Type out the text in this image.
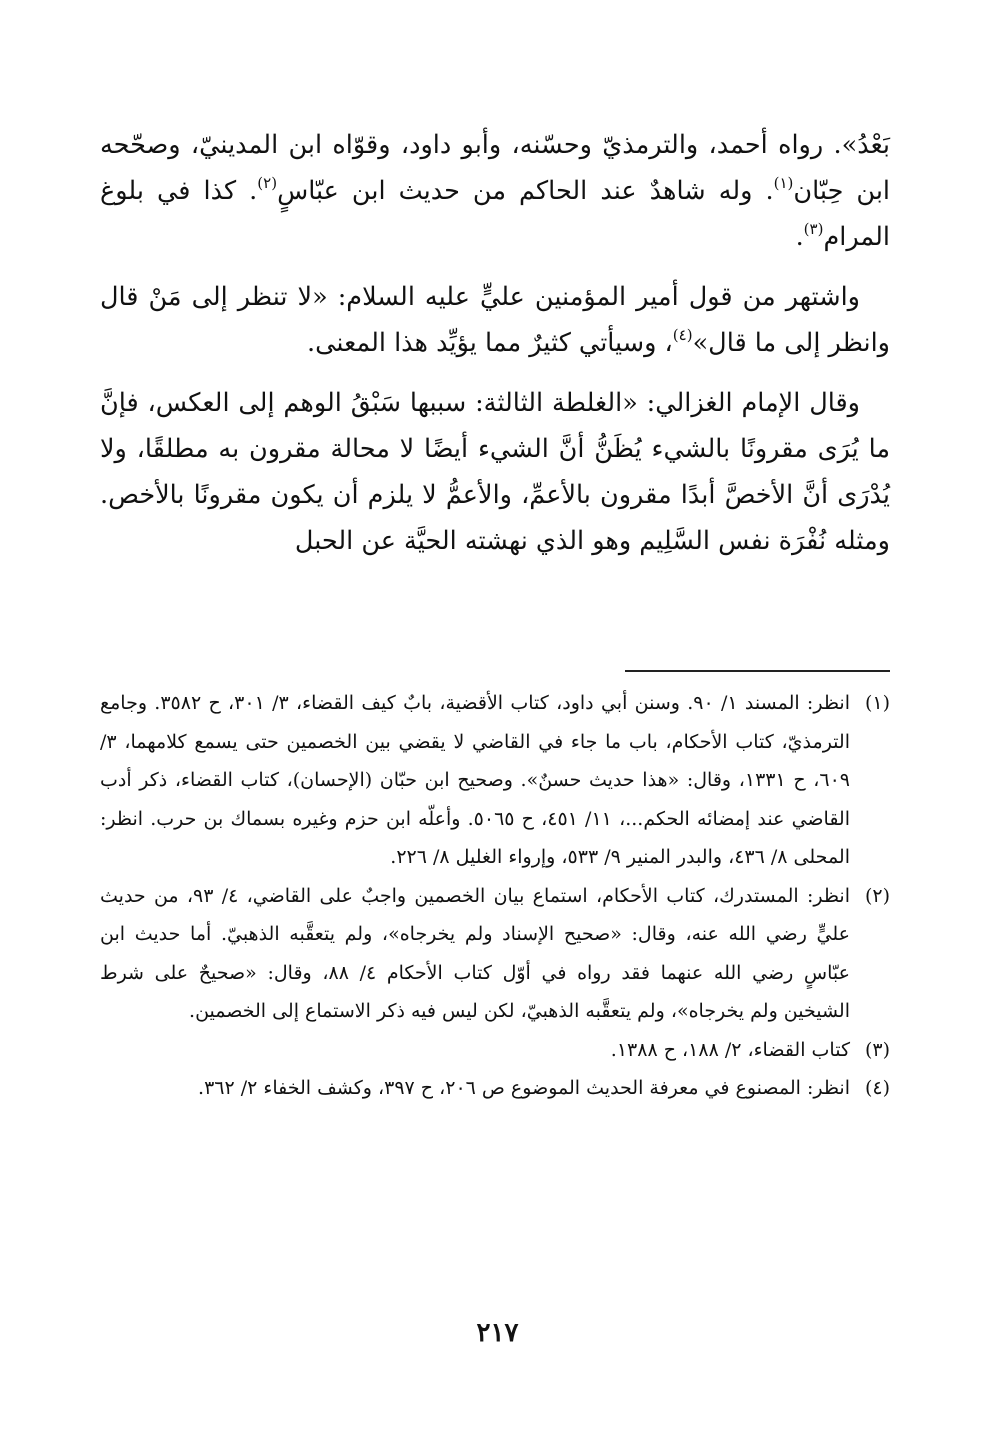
بَعْدُ». رواه أحمد، والترمذيّ وحسّنه، وأبو داود، وقوّاه ابن المدينيّ، وصحّحه ابن حِبّان$^{(١)}$. وله شاهدٌ عند الحاكم من حديث ابن عبّاسٍ$^{(٢)}$. كذا في بلوغ المرام$^{(٣)}$.

واشتهر من قول أمير المؤمنين عليٍّ عليه السلام: «لا تنظر إلى مَنْ قال وانظر إلى ما قال»$^{(٤)}$، وسيأتي كثيرٌ مما يؤيِّد هذا المعنى.

وقال الإمام الغزالي: «الغلطة الثالثة: سببها سَبْقُ الوهم إلى العكس، فإنَّ ما يُرَى مقرونًا بالشيء يُظَنُّ أنَّ الشيء أيضًا لا محالة مقرون به مطلقًا، ولا يُدْرَى أنَّ الأخصَّ أبدًا مقرون بالأعمِّ، والأعمُّ لا يلزم أن يكون مقرونًا بالأخص. ومثله نُفْرَة نفس السَّلِيم وهو الذي نهشته الحيَّة عن الحبل

(١)
انظر: المسند ١/ ٩٠. وسنن أبي داود، كتاب الأقضية، بابٌ كيف القضاء، ٣/ ٣٠١، ح ٣٥٨٢. وجامع الترمذيّ، كتاب الأحكام، باب ما جاء في القاضي لا يقضي بين الخصمين حتى يسمع كلامهما، ٣/ ٦٠٩، ح ١٣٣١، وقال: «هذا حديث حسنٌ». وصحيح ابن حبّان (الإحسان)، كتاب القضاء، ذكر أدب القاضي عند إمضائه الحكم...، ١١/ ٤٥١، ح ٥٠٦٥. وأعلّه ابن حزم وغيره بسماك بن حرب. انظر: المحلى ٨/ ٤٣٦، والبدر المنير ٩/ ٥٣٣، وإرواء الغليل ٨/ ٢٢٦.
(٢)
انظر: المستدرك، كتاب الأحكام، استماع بيان الخصمين واجبٌ على القاضي، ٤/ ٩٣، من حديث عليٍّ رضي الله عنه، وقال: «صحيح الإسناد ولم يخرجاه»، ولم يتعقَّبه الذهبيّ. أما حديث ابن عبّاسٍ رضي الله عنهما فقد رواه في أوّل كتاب الأحكام ٤/ ٨٨، وقال: «صحيحٌ على شرط الشيخين ولم يخرجاه»، ولم يتعقَّبه الذهبيّ، لكن ليس فيه ذكر الاستماع إلى الخصمين.
(٣)
كتاب القضاء، ٢/ ١٨٨، ح ١٣٨٨.
(٤)
انظر: المصنوع في معرفة الحديث الموضوع ص ٢٠٦، ح ٣٩٧، وكشف الخفاء ٢/ ٣٦٢.
٢١٧
